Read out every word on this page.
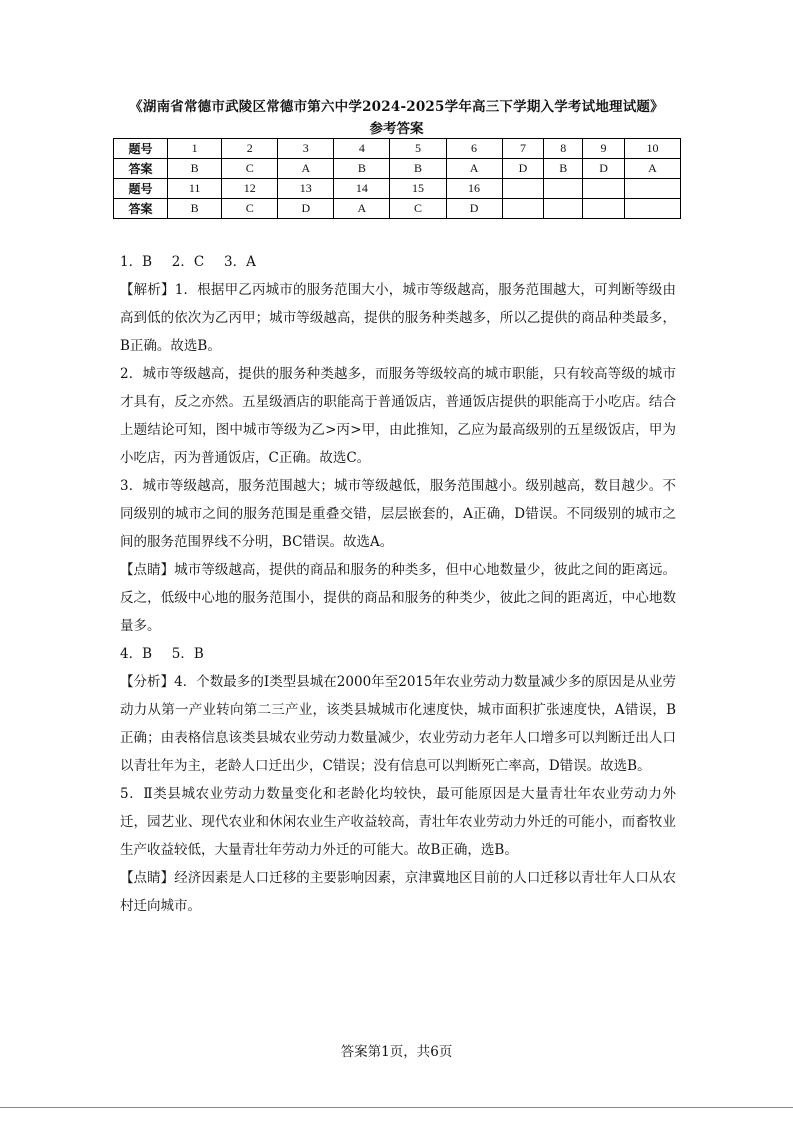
《湖南省常德市武陵区常德市第六中学2024-2025学年高三下学期入学考试地理试题》
参考答案
题号	1	2	3	4	5	6	7	8	9	10
答案	B	C	A	B	B	A	D	B	D	A
题号	11	12	13	14	15	16				
答案	B	C	D	A	C	D				

1．B　 2．C　 3．A

【解析】1．根据甲乙丙城市的服务范围大小，城市等级越高，服务范围越大，可判断等级由高到低的依次为乙丙甲；城市等级越高，提供的服务种类越多，所以乙提供的商品种类最多，B正确。故选B。

2．城市等级越高，提供的服务种类越多，而服务等级较高的城市职能，只有较高等级的城市才具有，反之亦然。五星级酒店的职能高于普通饭店，普通饭店提供的职能高于小吃店。结合上题结论可知，图中城市等级为乙>丙>甲，由此推知，乙应为最高级别的五星级饭店，甲为小吃店，丙为普通饭店，C正确。故选C。

3．城市等级越高，服务范围越大；城市等级越低，服务范围越小。级别越高，数目越少。不同级别的城市之间的服务范围是重叠交错，层层嵌套的，A正确，D错误。不同级别的城市之间的服务范围界线不分明，BC错误。故选A。

【点睛】城市等级越高，提供的商品和服务的种类多，但中心地数量少，彼此之间的距离远。反之，低级中心地的服务范围小，提供的商品和服务的种类少，彼此之间的距离近，中心地数量多。

4．B　 5．B

【分析】4．个数最多的I类型县城在2000年至2015年农业劳动力数量减少多的原因是从业劳动力从第一产业转向第二三产业，该类县城城市化速度快，城市面积扩张速度快，A错误，B正确；由表格信息该类县城农业劳动力数量减少，农业劳动力老年人口增多可以判断迁出人口以青壮年为主，老龄人口迁出少，C错误；没有信息可以判断死亡率高，D错误。故选B。

5．Ⅱ类县城农业劳动力数量变化和老龄化均较快，最可能原因是大量青壮年农业劳动力外迁，园艺业、现代农业和休闲农业生产收益较高，青壮年农业劳动力外迁的可能小，而畜牧业生产收益较低，大量青壮年劳动力外迁的可能大。故B正确，选B。

【点睛】经济因素是人口迁移的主要影响因素，京津冀地区目前的人口迁移以青壮年人口从农村迁向城市。

答案第1页，共6页
